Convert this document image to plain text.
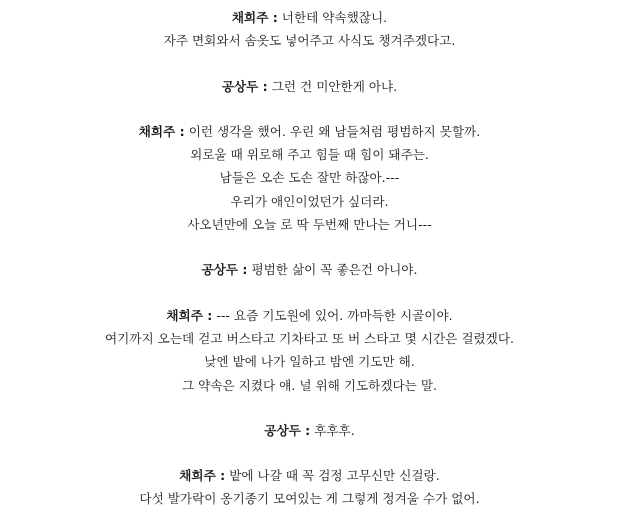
채희주 : 너한테 약속했잖니.
자주 면회와서 솜옷도 넣어주고 사식도 챙겨주겠다고.
공상두 : 그런 건 미안한게 아냐.
채희주 : 이런 생각을 했어. 우린 왜 남들처럼 평범하지 못할까.
외로울 때 위로해 주고 힘들 때 힘이 돼주는.
남들은 오손 도손 잘만 하잖아.---
우리가 애인이었던가 싶더라.
사오년만에 오늘 로 딱 두번째 만나는 거니---
공상두 : 평범한 삶이 꼭 좋은건 아니야.
채희주 : --- 요즘 기도원에 있어. 까마득한 시골이야.
여기까지 오는데 걷고 버스타고 기차타고 또 버 스타고 몇 시간은 걸렸겠다.
낮엔 밭에 나가 일하고 밤엔 기도만 해.
그 약속은 지켰다 얘. 널 위해 기도하겠다는 말.
공상두 : 후후후.
채희주 : 밭에 나갈 때 꼭 검정 고무신만 신걸랑.
다섯 발가락이 옹기종기 모여있는 게 그렇게 정겨울 수가 없어.
